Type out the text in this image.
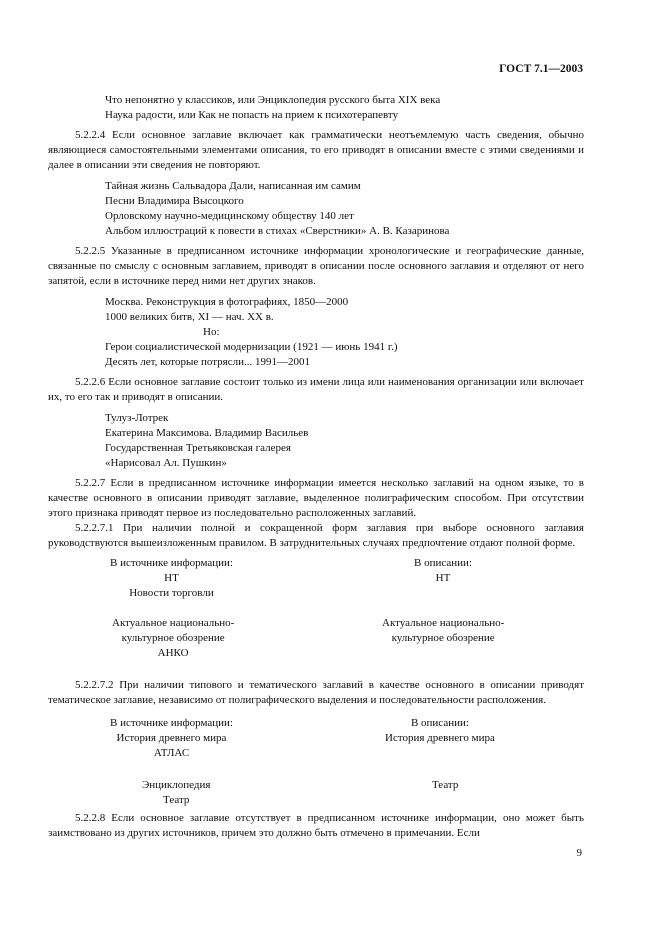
ГОСТ 7.1—2003
Что непонятно у классиков, или Энциклопедия русского быта XIX века
Наука радости, или Как не попасть на прием к психотерапевту

5.2.2.4 Если основное заглавие включает как грамматически неотъемлемую часть сведения, обычно являющиеся самостоятельными элементами описания, то его приводят в описании вместе с этими сведениями и далее в описании эти сведения не повторяют.

Тайная жизнь Сальвадора Дали, написанная им самим
Песни Владимира Высоцкого
Орловскому научно-медицинскому обществу 140 лет
Альбом иллюстраций к повести в стихах «Сверстники» А. В. Казаринова

5.2.2.5 Указанные в предписанном источнике информации хронологические и географические данные, связанные по смыслу с основным заглавием, приводят в описании после основного заглавия и отделяют от него запятой, если в источнике перед ними нет других знаков.

Москва. Реконструкция в фотографиях, 1850—2000
1000 великих битв, XI — нач. XX в.
Но:
Герои социалистической модернизации (1921 — июнь 1941 г.)
Десять лет, которые потрясли... 1991—2001

5.2.2.6 Если основное заглавие состоит только из имени лица или наименования организации или включает их, то его так и приводят в описании.

Тулуз-Лотрек
Екатерина Максимова. Владимир Васильев
Государственная Третьяковская галерея
«Нарисовал Ал. Пушкин»

5.2.2.7 Если в предписанном источнике информации имеется несколько заглавий на одном языке, то в качестве основного в описании приводят заглавие, выделенное полиграфическим способом. При отсутствии этого признака приводят первое из последовательно расположенных заглавий.

5.2.2.7.1 При наличии полной и сокращенной форм заглавия при выборе основного заглавия руководствуются вышеизложенным правилом. В затруднительных случаях предпочтение отдают полной форме.

В источнике информации:
НТ
Новости торговли
В описании:
НТ
Актуальное национально-
культурное обозрение
АНКО
Актуальное национально-
культурное обозрение

5.2.2.7.2 При наличии типового и тематического заглавий в качестве основного в описании приводят тематическое заглавие, независимо от полиграфического выделения и последовательности расположения.

В источнике информации:
История древнего мира
АТЛАС
В описании:
История древнего мира
Энциклопедия
Театр
Театр

5.2.2.8 Если основное заглавие отсутствует в предписанном источнике информации, оно может быть заимствовано из других источников, причем это должно быть отмечено в примечании. Если

9
